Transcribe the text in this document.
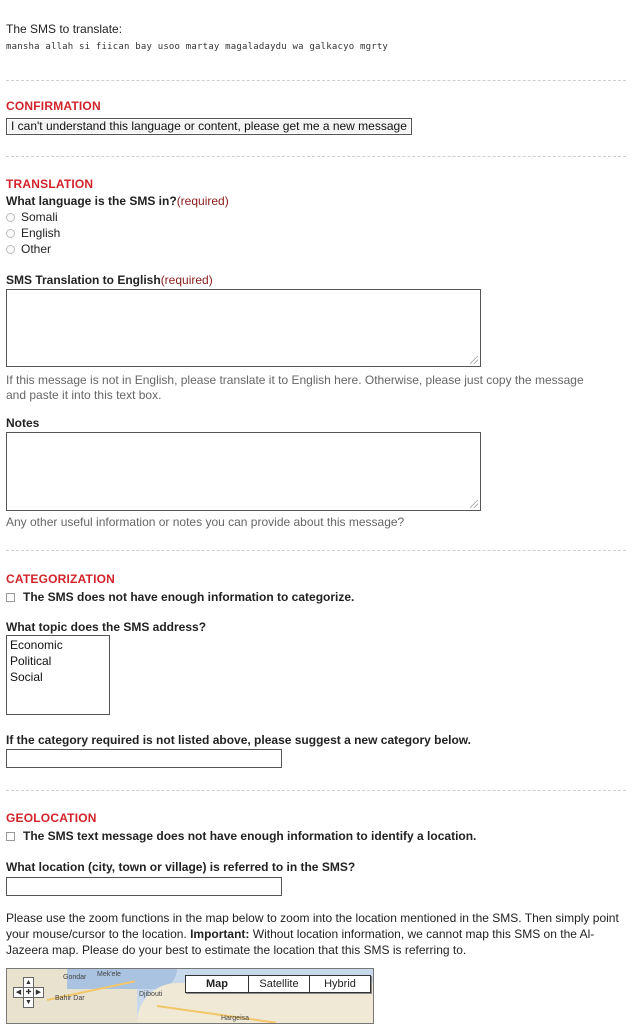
The SMS to translate:
mansha allah si fiican bay usoo martay magaladaydu wa galkacyo mgrty
CONFIRMATION
I can't understand this language or content, please get me a new message
TRANSLATION
What language is the SMS in?(required)
Somali
English
Other
SMS Translation to English(required)
If this message is not in English, please translate it to English here. Otherwise, please just copy the message and paste it into this text box.
Notes
Any other useful information or notes you can provide about this message?
CATEGORIZATION
The SMS does not have enough information to categorize.
What topic does the SMS address?
Economic
Political
Social
If the category required is not listed above, please suggest a new category below.
GEOLOCATION
The SMS text message does not have enough information to identify a location.
What location (city, town or village) is referred to in the SMS?
Please use the zoom functions in the map below to zoom into the location mentioned in the SMS. Then simply point your mouse/cursor to the location. Important: Without location information, we cannot map this SMS on the Al-Jazeera map. Please do your best to estimate the location that this SMS is referring to.
Gondar Mek'ele
Bahir Dar
Djibouti
Hargeisa
▲
◀ ✚ ▶
▼
Map	Satellite	Hybrid
